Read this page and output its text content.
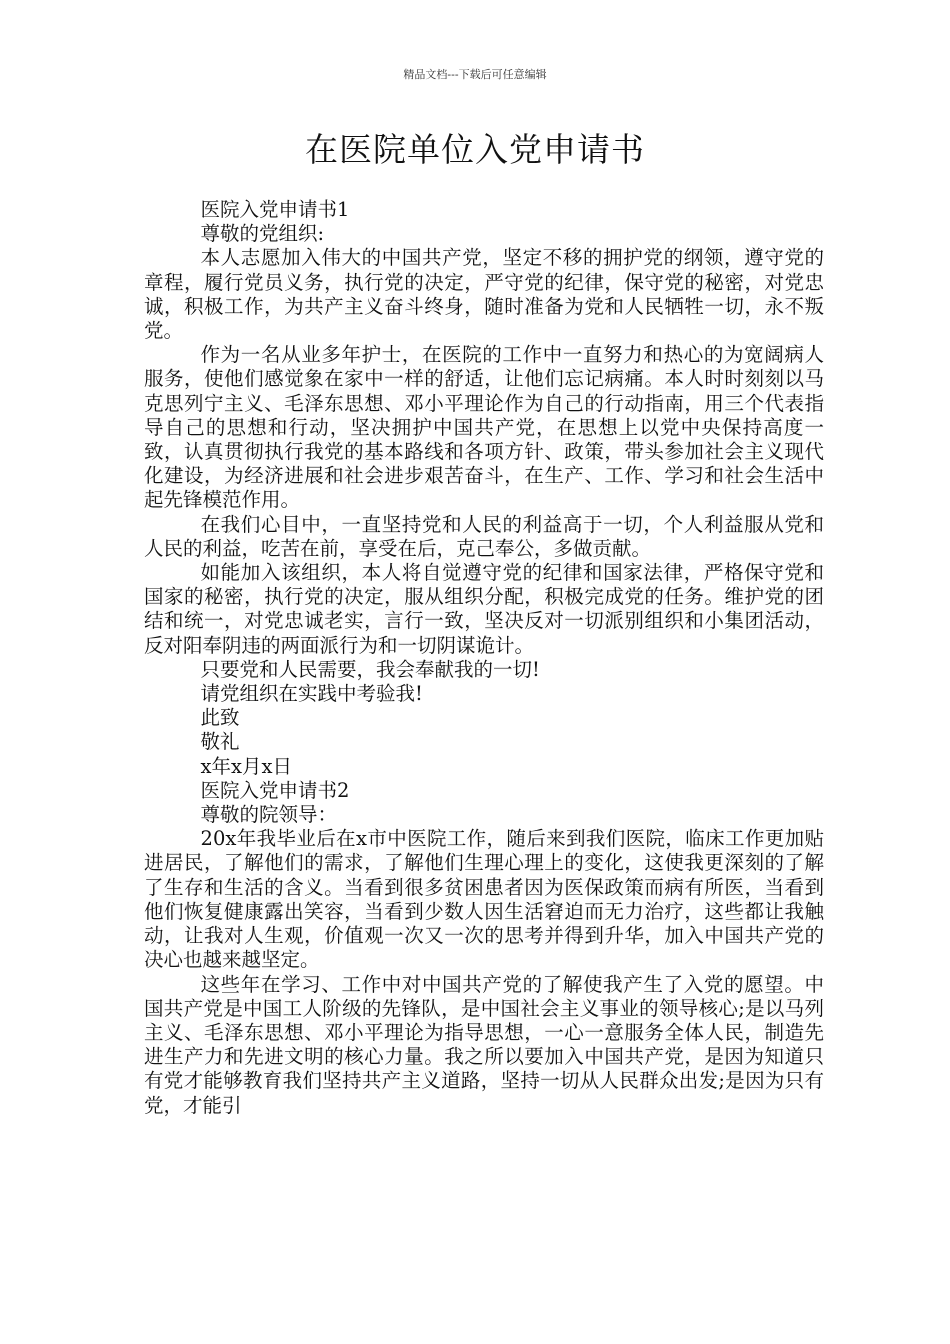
精品文档---下载后可任意编辑
在医院单位入党申请书

医院入党申请书1

尊敬的党组织:

本人志愿加入伟大的中国共产党，坚定不移的拥护党的纲领，遵守党的章程，履行党员义务，执行党的决定，严守党的纪律，保守党的秘密，对党忠诚，积极工作，为共产主义奋斗终身，随时准备为党和人民牺牲一切，永不叛党。

作为一名从业多年护士，在医院的工作中一直努力和热心的为宽阔病人服务，使他们感觉象在家中一样的舒适，让他们忘记病痛。本人时时刻刻以马克思列宁主义、毛泽东思想、邓小平理论作为自己的行动指南，用三个代表指导自己的思想和行动，坚决拥护中国共产党，在思想上以党中央保持高度一致，认真贯彻执行我党的基本路线和各项方针、政策，带头参加社会主义现代化建设，为经济进展和社会进步艰苦奋斗，在生产、工作、学习和社会生活中起先锋模范作用。

在我们心目中，一直坚持党和人民的利益高于一切，个人利益服从党和人民的利益，吃苦在前，享受在后，克己奉公，多做贡献。

如能加入该组织，本人将自觉遵守党的纪律和国家法律，严格保守党和国家的秘密，执行党的决定，服从组织分配，积极完成党的任务。维护党的团结和统一，对党忠诚老实，言行一致，坚决反对一切派别组织和小集团活动，反对阳奉阴违的两面派行为和一切阴谋诡计。

只要党和人民需要，我会奉献我的一切!

请党组织在实践中考验我!

此致

敬礼

x年x月x日

医院入党申请书2

尊敬的院领导：

20x年我毕业后在x市中医院工作，随后来到我们医院，临床工作更加贴进居民，了解他们的需求，了解他们生理心理上的变化，这使我更深刻的了解了生存和生活的含义。当看到很多贫困患者因为医保政策而病有所医，当看到他们恢复健康露出笑容，当看到少数人因生活窘迫而无力治疗，这些都让我触动，让我对人生观，价值观一次又一次的思考并得到升华，加入中国共产党的决心也越来越坚定。

这些年在学习、工作中对中国共产党的了解使我产生了入党的愿望。中国共产党是中国工人阶级的先锋队，是中国社会主义事业的领导核心;是以马列主义、毛泽东思想、邓小平理论为指导思想，一心一意服务全体人民，制造先进生产力和先进文明的核心力量。我之所以要加入中国共产党，是因为知道只有党才能够教育我们坚持共产主义道路，坚持一切从人民群众出发;是因为只有党，才能引
